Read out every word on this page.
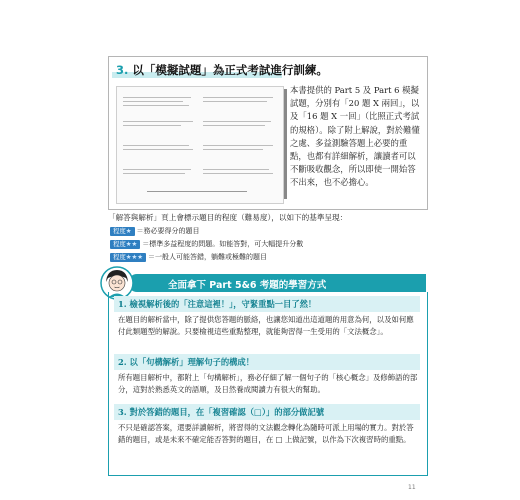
3. 以「模擬試題」為正式考試進行訓練。
本書提供的 Part 5 及 Part 6 模擬試題，分別有「20 題 X 兩回」，以及「16 題 X 一回」（比照正式考試的規格）。除了附上解說，對於難懂之處、多益測驗答題上必要的重點，也都有詳細解析，讓讀者可以不斷吸收觀念，所以即使一開始答不出來，也不必擔心。
「解答與解析」頁上會標示題目的程度（難易度），以如下的基準呈現：
程度★ ＝務必要得分的題目
程度★★ ＝標準多益程度的問題。如能答對，可大幅提升分數
程度★★★ ＝一般人可能答錯，躺難或極難的題目
全面拿下 Part 5&6 考題的學習方式
1. 檢視解析後的「注意這裡！」，守緊重點一目了然！
在題目的解析當中，除了提供您答題的脈絡，也讓您知道出這道題的用意為何，以及如何應付此類題型的解說。只要檢視這些重點整理，就能夠習得一生受用的「文法概念」。
2. 以「句構解析」理解句子的構成！
所有題目解析中，都附上「句構解析」，務必仔細了解一個句子的「核心概念」及修飾語的部分，這對於熟悉英文的語順，及日然養成閱讀力有很大的幫助。
3. 對於答錯的題目，在「複習確認（□）」的部分做記號
不只是確認答案，還要詳讀解析，將習得的文法觀念轉化為隨時可派上用場的實力。對於答錯的題目，或是未來不確定能否答對的題目，在 □ 上做記號，以作為下次複習時的重點。
11
